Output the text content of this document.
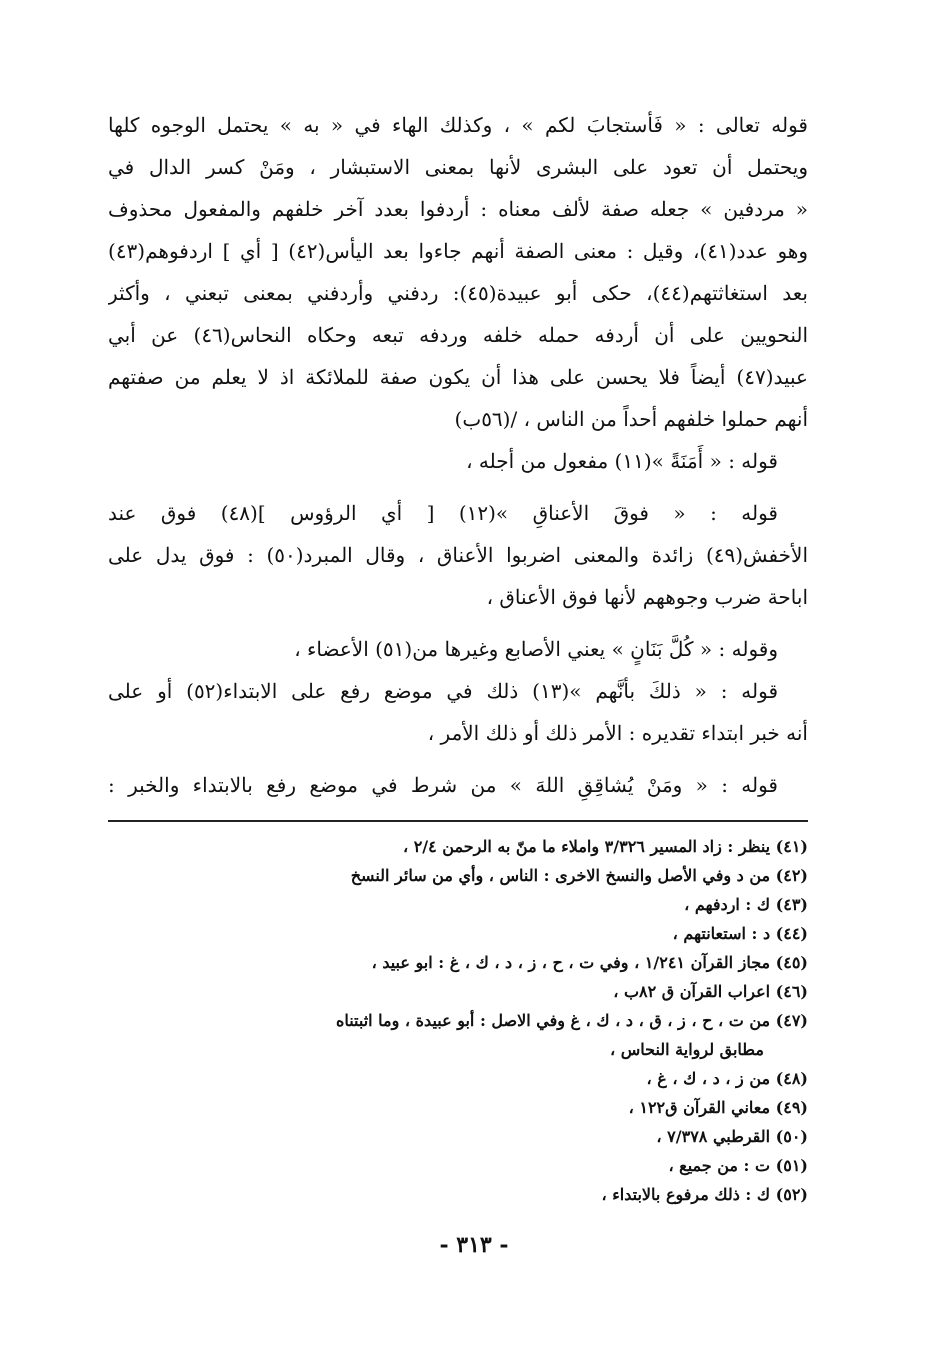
قوله تعالى : « فَأستجابَ لكم » ، وكذلك الهاء في « به » يحتمل الوجوه كلها
ويحتمل أن تعود على البشرى لأنها بمعنى الاستبشار ، ومَنْ كسر الدال في
« مردفين » جعله صفة لألف معناه : أردفوا بعدد آخر خلفهم والمفعول محذوف
وهو عدد(٤١)، وقيل : معنى الصفة أنهم جاءوا بعد اليأس(٤٢) [ أي ] اردفوهم(٤٣)
بعد استغاثتهم(٤٤)، حكى أبو عبيدة(٤٥): ردفني وأردفني بمعنى تبعني ، وأكثر
النحويين على أن أردفه حمله خلفه وردفه تبعه وحكاه النحاس(٤٦) عن أبي
عبيد(٤٧) أيضاً فلا يحسن على هذا أن يكون صفة للملائكة اذ لا يعلم من صفتهم
أنهم حملوا خلفهم أحداً من الناس ، /(٥٦ب)
قوله : « أَمَنَةً »(١١) مفعول من أجله ،
قوله : « فوقَ الأعناقِ »(١٢) [ أي الرؤوس ](٤٨) فوق عند
الأخفش(٤٩) زائدة والمعنى اضربوا الأعناق ، وقال المبرد(٥٠) : فوق يدل على
اباحة ضرب وجوههم لأنها فوق الأعناق ،
وقوله : « كُلَّ بَنَانٍ » يعني الأصابع وغيرها من(٥١) الأعضاء ،
قوله : « ذلكَ بأنَّهم »(١٣) ذلك في موضع رفع على الابتداء(٥٢) أو على
أنه خبر ابتداء تقديره : الأمر ذلك أو ذلك الأمر ،
قوله : « ومَنْ يُشاقِقِ اللهَ » من شرط في موضع رفع بالابتداء والخبر :
(٤١) ينظر : زاد المسير ٣/٣٢٦ واملاء ما منّ به الرحمن ٢/٤ ،
(٤٢) من د وفي الأصل والنسخ الاخرى : الناس ، وأي من سائر النسخ
(٤٣) ك : اردفهم ،
(٤٤) د : استعانتهم ،
(٤٥) مجاز القرآن ١/٢٤١ ، وفي ت ، ح ، ز ، د ، ك ، غ : ابو عبيد ،
(٤٦) اعراب القرآن ق ٨٢ب ،
(٤٧) من ت ، ح ، ز ، ق ، د ، ك ، غ وفي الاصل : أبو عبيدة ، وما اثبتناه
مطابق لرواية النحاس ،
(٤٨) من ز ، د ، ك ، غ ،
(٤٩) معاني القرآن ق١٢٢ ،
(٥٠) القرطبي ٧/٣٧٨ ،
(٥١) ت : من جميع ،
(٥٢) ك : ذلك مرفوع بالابتداء ،
- ٣١٣ -
